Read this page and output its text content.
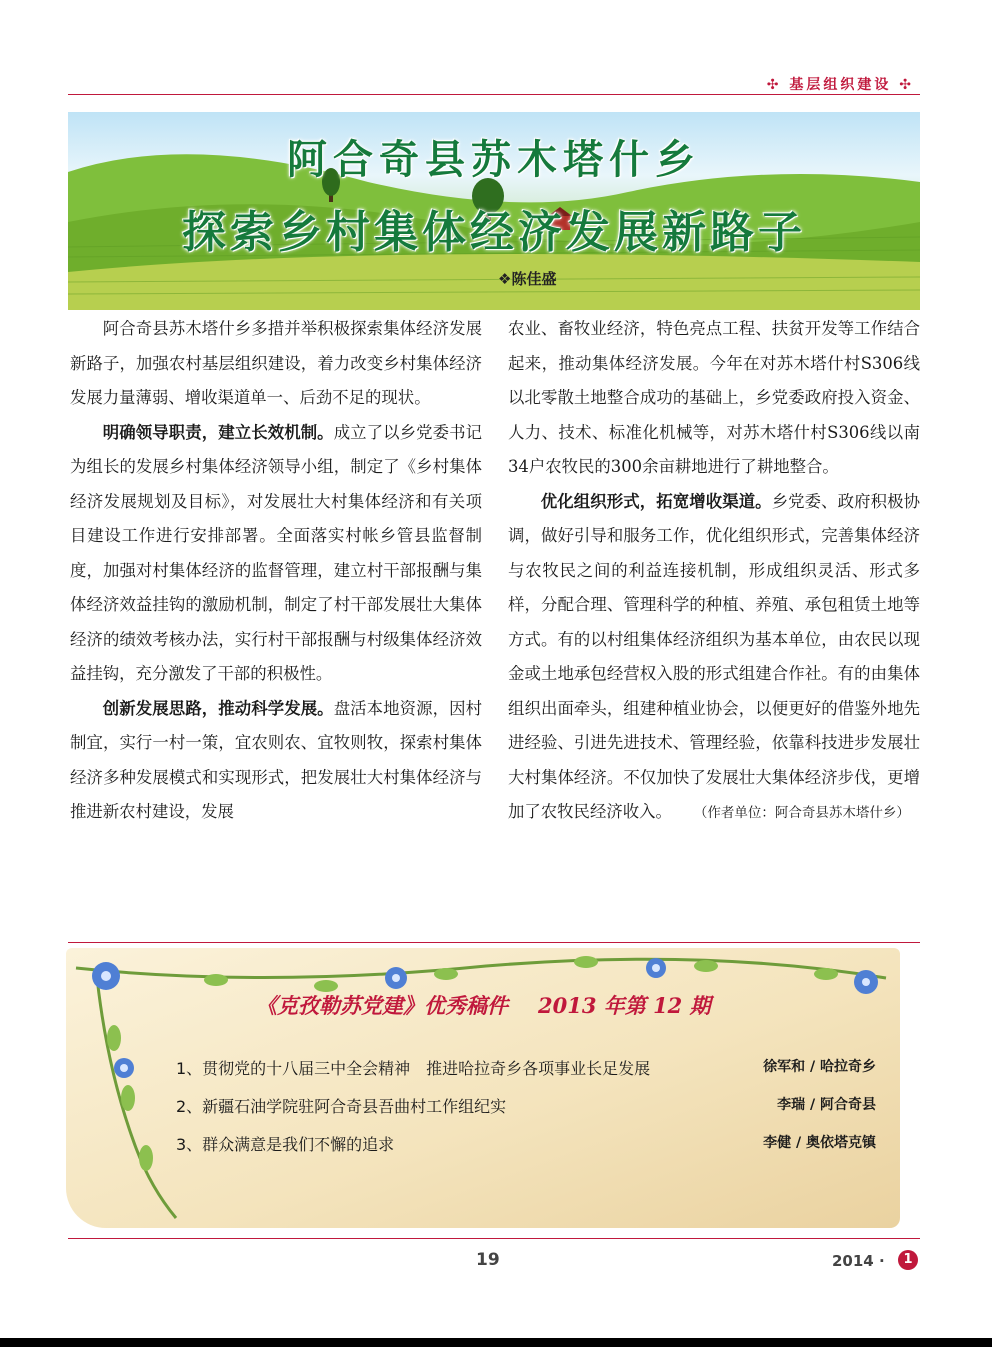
✣ 基层组织建设 ✣
阿合奇县苏木塔什乡
探索乡村集体经济发展新路子
❖陈佳盛

阿合奇县苏木塔什乡多措并举积极探索集体经济发展新路子，加强农村基层组织建设，着力改变乡村集体经济发展力量薄弱、增收渠道单一、后劲不足的现状。

明确领导职责，建立长效机制。成立了以乡党委书记为组长的发展乡村集体经济领导小组，制定了《乡村集体经济发展规划及目标》，对发展壮大村集体经济和有关项目建设工作进行安排部署。全面落实村帐乡管县监督制度，加强对村集体经济的监督管理，建立村干部报酬与集体经济效益挂钩的激励机制，制定了村干部发展壮大集体经济的绩效考核办法，实行村干部报酬与村级集体经济效益挂钩，充分激发了干部的积极性。

创新发展思路，推动科学发展。盘活本地资源，因村制宜，实行一村一策，宜农则农、宜牧则牧，探索村集体经济多种发展模式和实现形式，把发展壮大村集体经济与推进新农村建设，发展

农业、畜牧业经济，特色亮点工程、扶贫开发等工作结合起来，推动集体经济发展。今年在对苏木塔什村S306线以北零散土地整合成功的基础上，乡党委政府投入资金、人力、技术、标准化机械等，对苏木塔什村S306线以南34户农牧民的300余亩耕地进行了耕地整合。

优化组织形式，拓宽增收渠道。乡党委、政府积极协调，做好引导和服务工作，优化组织形式，完善集体经济与农牧民之间的利益连接机制，形成组织灵活、形式多样，分配合理、管理科学的种植、养殖、承包租赁土地等方式。有的以村组集体经济组织为基本单位，由农民以现金或土地承包经营权入股的形式组建合作社。有的由集体组织出面牵头，组建种植业协会，以便更好的借鉴外地先进经验、引进先进技术、管理经验，依靠科技进步发展壮大村集体经济。不仅加快了发展壮大集体经济步伐，更增加了农牧民经济收入。 （作者单位：阿合奇县苏木塔什乡）

《克孜勒苏党建》优秀稿件 2013 年第 12 期
1、贯彻党的十八届三中全会精神　推进哈拉奇乡各项事业长足发展	徐军和 / 哈拉奇乡
2、新疆石油学院驻阿合奇县吾曲村工作组纪实	李瑞 / 阿合奇县
3、群众满意是我们不懈的追求	李健 / 奥依塔克镇
19	2014 ·	1
